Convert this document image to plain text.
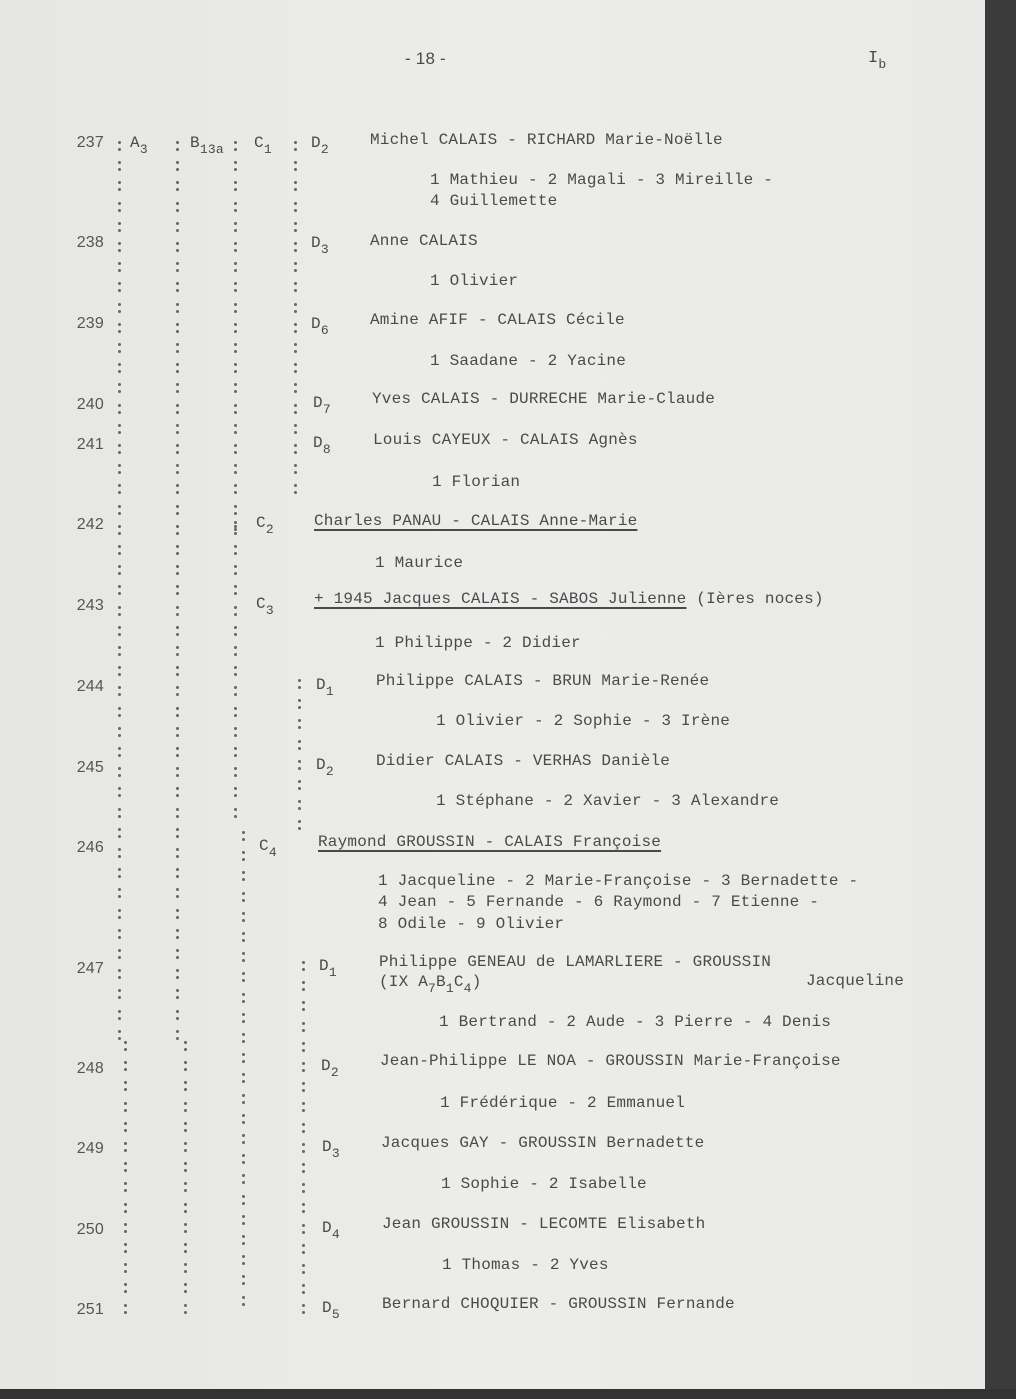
- 18 -	$I_b$
237 $A_3$	$B_{13a}$ $C_1$ $D_2$
Michel CALAIS - RICHARD Marie-Noëlle
1 Mathieu - 2 Magali - 3 Mireille -
4 Guillemette
238	$D_3$	Anne CALAIS
1 Olivier
239	$D_6$
Amine AFIF - CALAIS Cécile
1 Saadane - 2 Yacine
240	$D_7$
Yves CALAIS - DURRECHE Marie-Claude
241	$D_8$
Louis CAYEUX - CALAIS Agnès
1 Florian
242	$C_2$	Charles PANAU - CALAIS Anne-Marie
1 Maurice
243	$C_3$
+ 1945 Jacques CALAIS - SABOS Julienne (Ières noces)
1 Philippe - 2 Didier
244	$D_1$
Philippe CALAIS - BRUN Marie-Renée
1 Olivier - 2 Sophie - 3 Irène
245	$D_2$
Didier CALAIS - VERHAS Danièle
1 Stéphane - 2 Xavier - 3 Alexandre
246	$C_4$
Raymond GROUSSIN - CALAIS Françoise
1 Jacqueline - 2 Marie-Françoise - 3 Bernadette -
4 Jean - 5 Fernande - 6 Raymond - 7 Etienne -
8 Odile - 9 Olivier
247	$D_1$
Philippe GENEAU de LAMARLIERE - GROUSSIN
(IX $A_7B_1C_4$)	Jacqueline
1 Bertrand - 2 Aude - 3 Pierre - 4 Denis
248	$D_2$
Jean-Philippe LE NOA - GROUSSIN Marie-Françoise
1 Frédérique - 2 Emmanuel
249	$D_3$
Jacques GAY - GROUSSIN Bernadette
1 Sophie - 2 Isabelle
250	$D_4$
Jean GROUSSIN - LECOMTE Elisabeth
1 Thomas - 2 Yves
251	$D_5$
Bernard CHOQUIER - GROUSSIN Fernande
